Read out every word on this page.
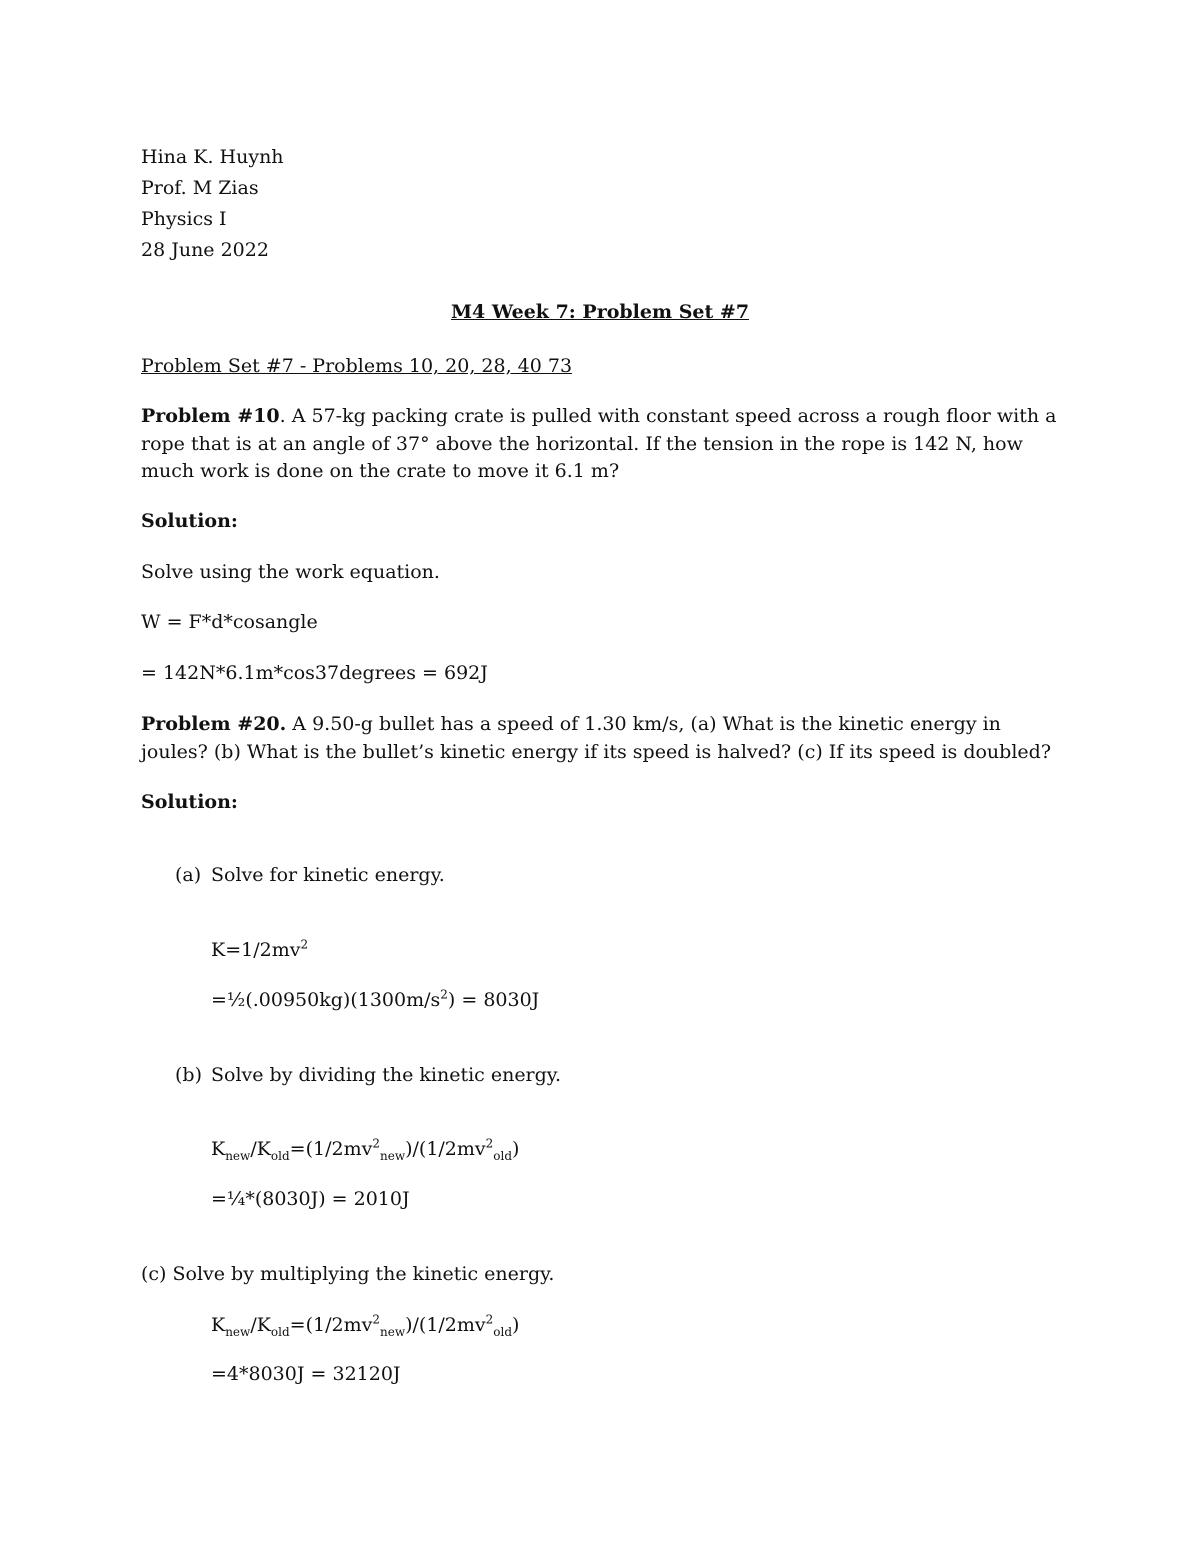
Hina K. Huynh
Prof. M Zias
Physics I
28 June 2022
M4 Week 7: Problem Set #7
Problem Set #7 - Problems 10, 20, 28, 40 73

Problem #10. A 57-kg packing crate is pulled with constant speed across a rough floor with a rope that is at an angle of 37° above the horizontal. If the tension in the rope is 142 N, how much work is done on the crate to move it 6.1 m?

Solution:
Solve using the work equation.
W = F*d*cosangle
= 142N*6.1m*cos37degrees = 692J

Problem #20. A 9.50-g bullet has a speed of 1.30 km/s, (a) What is the kinetic energy in joules? (b) What is the bullet’s kinetic energy if its speed is halved? (c) If its speed is doubled?

Solution:
(a) Solve for kinetic energy.
$K=1/2mv^2$
$=\frac{1}{2}(.00950kg)(1300m/s^2) = 8030J$
(b) Solve by dividing the kinetic energy.
$K_{new}/K_{old}=(1/2mv^2_{new})/(1/2mv^2_{old})$
=¼*(8030J) = 2010J
(c) Solve by multiplying the kinetic energy.
$K_{new}/K_{old}=(1/2mv^2_{new})/(1/2mv^2_{old})$
=4*8030J = 32120J
